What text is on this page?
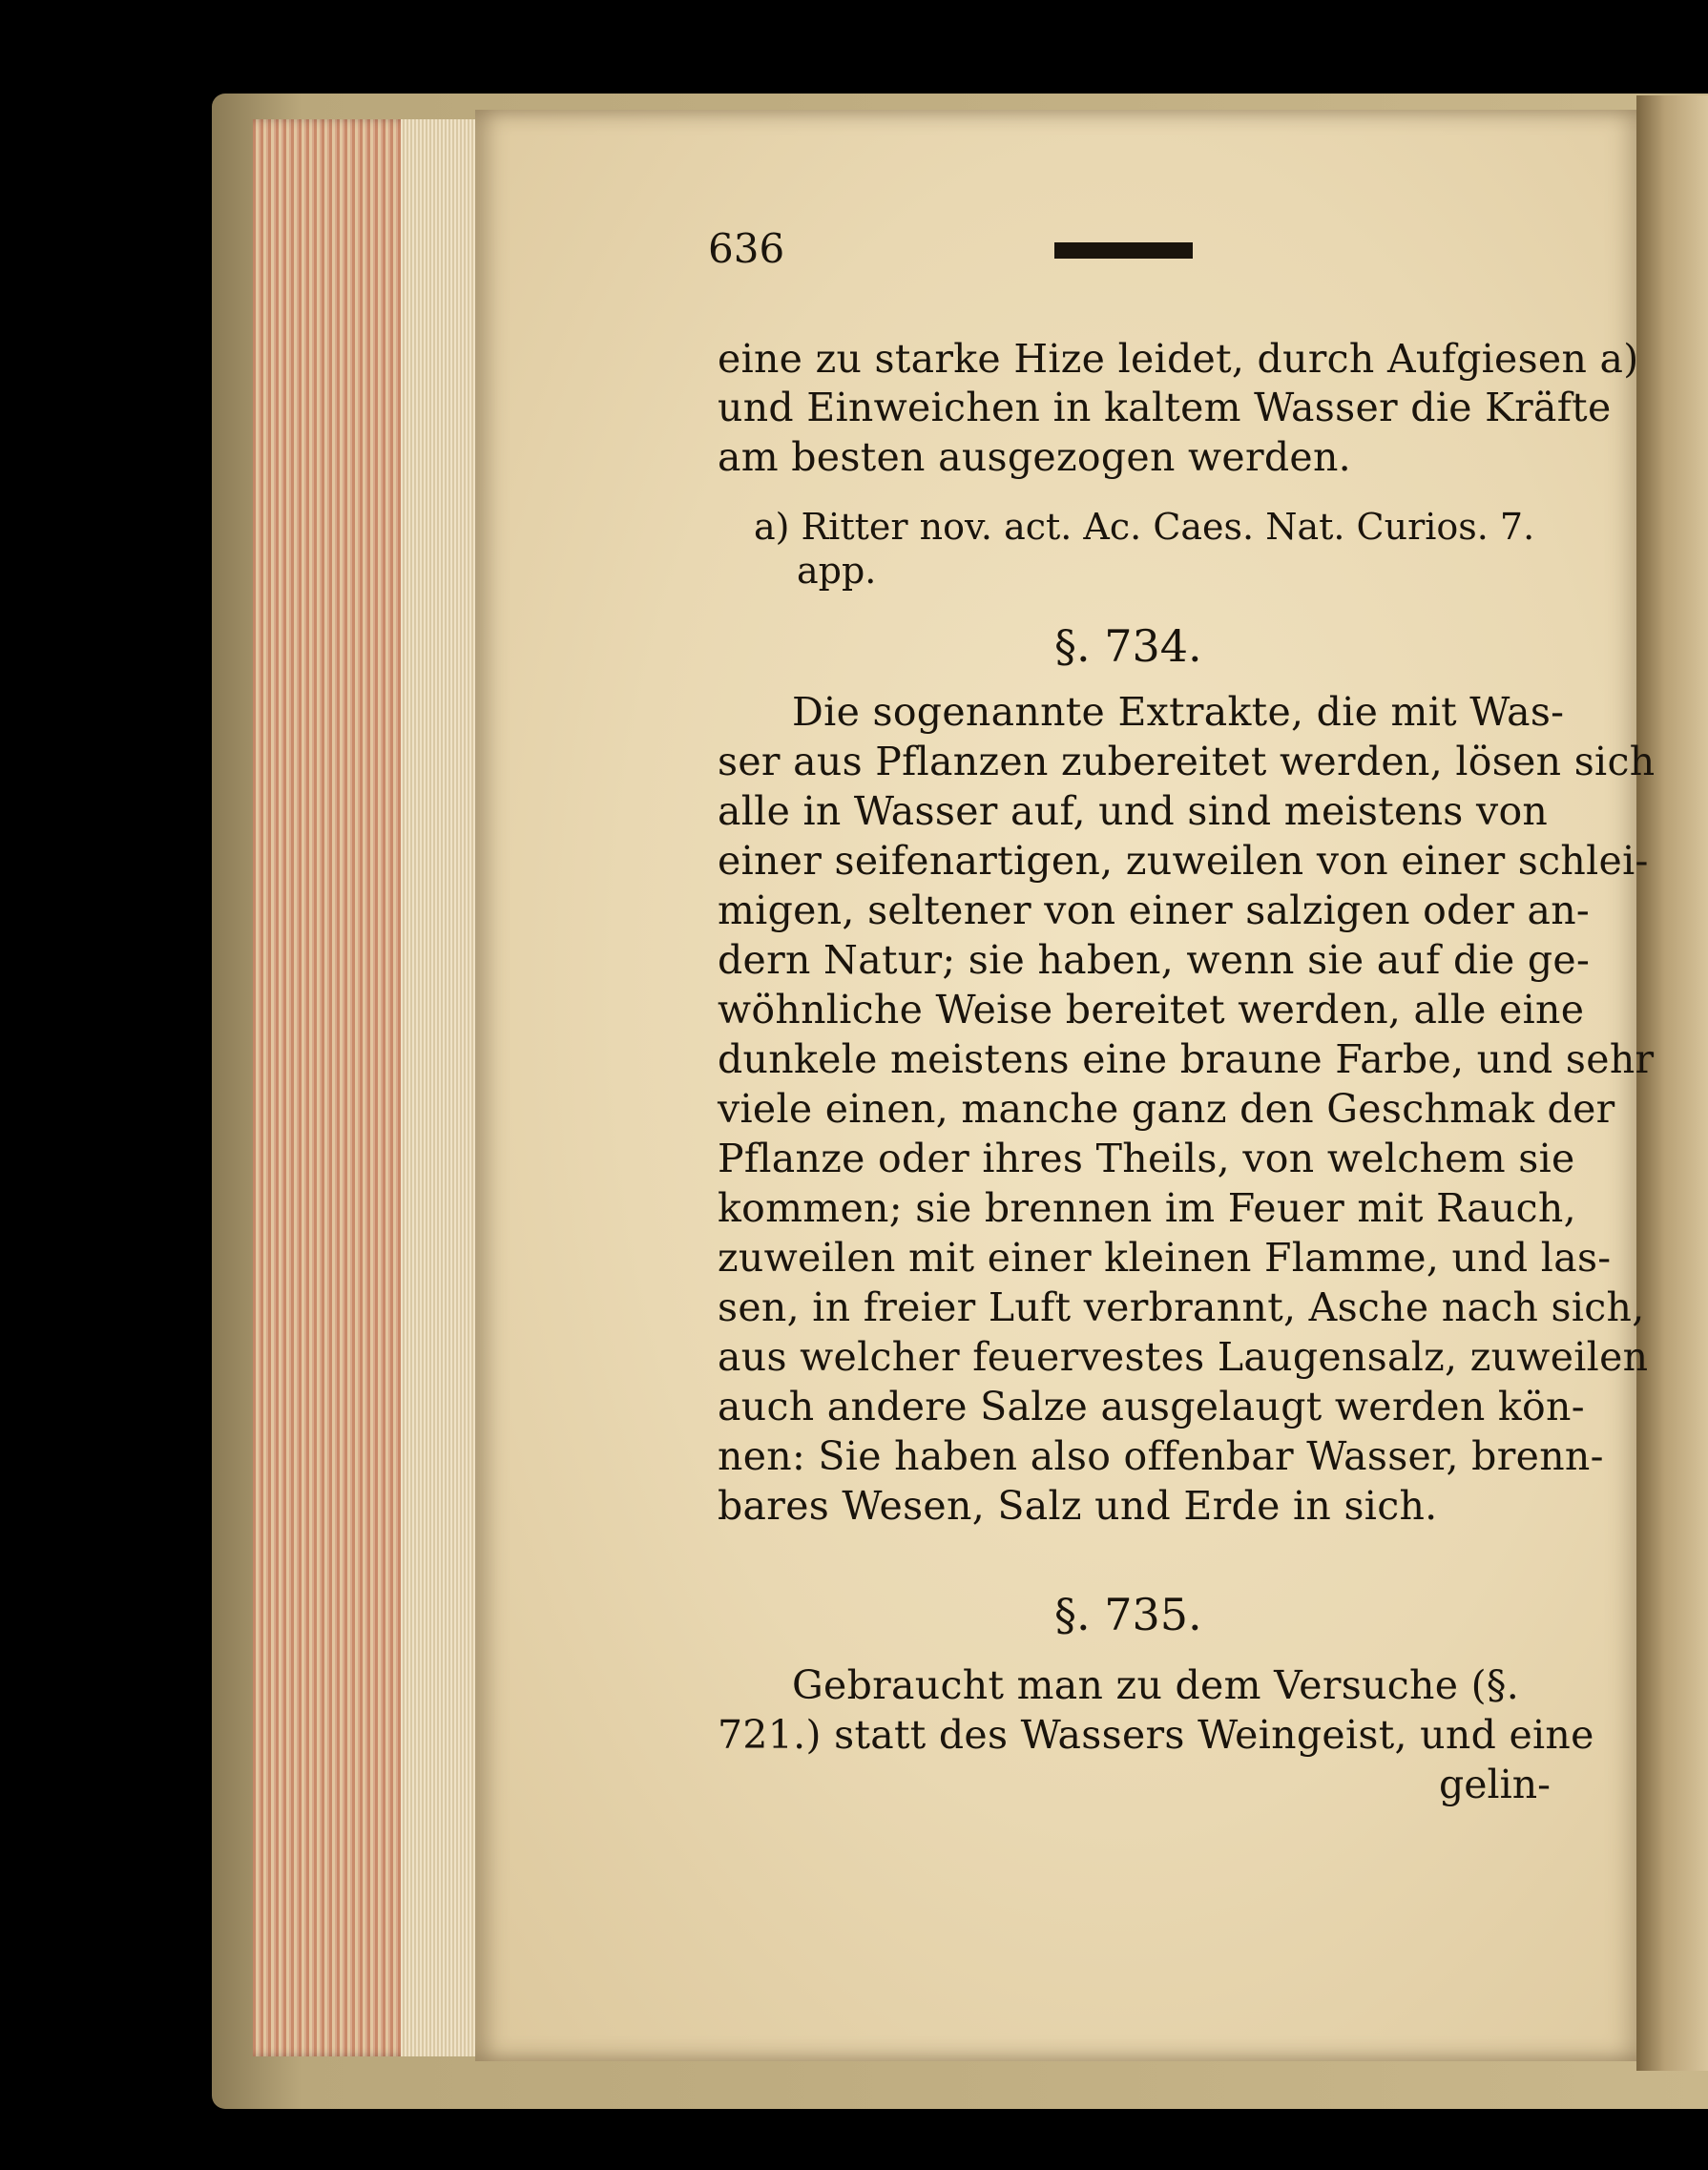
636
eine zu starke Hize leidet, durch Aufgiesen a)
und Einweichen in kaltem Wasser die Kräfte
am besten ausgezogen werden.
a) Ritter nov. act. Ac. Caes. Nat. Curios. 7.
app.
§. 734.
Die sogenannte Extrakte, die mit Was-
ser aus Pflanzen zubereitet werden, lösen sich
alle in Wasser auf, und sind meistens von
einer seifenartigen, zuweilen von einer schlei-
migen, seltener von einer salzigen oder an-
dern Natur; sie haben, wenn sie auf die ge-
wöhnliche Weise bereitet werden, alle eine
dunkele meistens eine braune Farbe, und sehr
viele einen, manche ganz den Geschmak der
Pflanze oder ihres Theils, von welchem sie
kommen; sie brennen im Feuer mit Rauch,
zuweilen mit einer kleinen Flamme, und las-
sen, in freier Luft verbrannt, Asche nach sich,
aus welcher feuervestes Laugensalz, zuweilen
auch andere Salze ausgelaugt werden kön-
nen: Sie haben also offenbar Wasser, brenn-
bares Wesen, Salz und Erde in sich.
§. 735.
Gebraucht man zu dem Versuche (§.
721.) statt des Wassers Weingeist, und eine
gelin-
